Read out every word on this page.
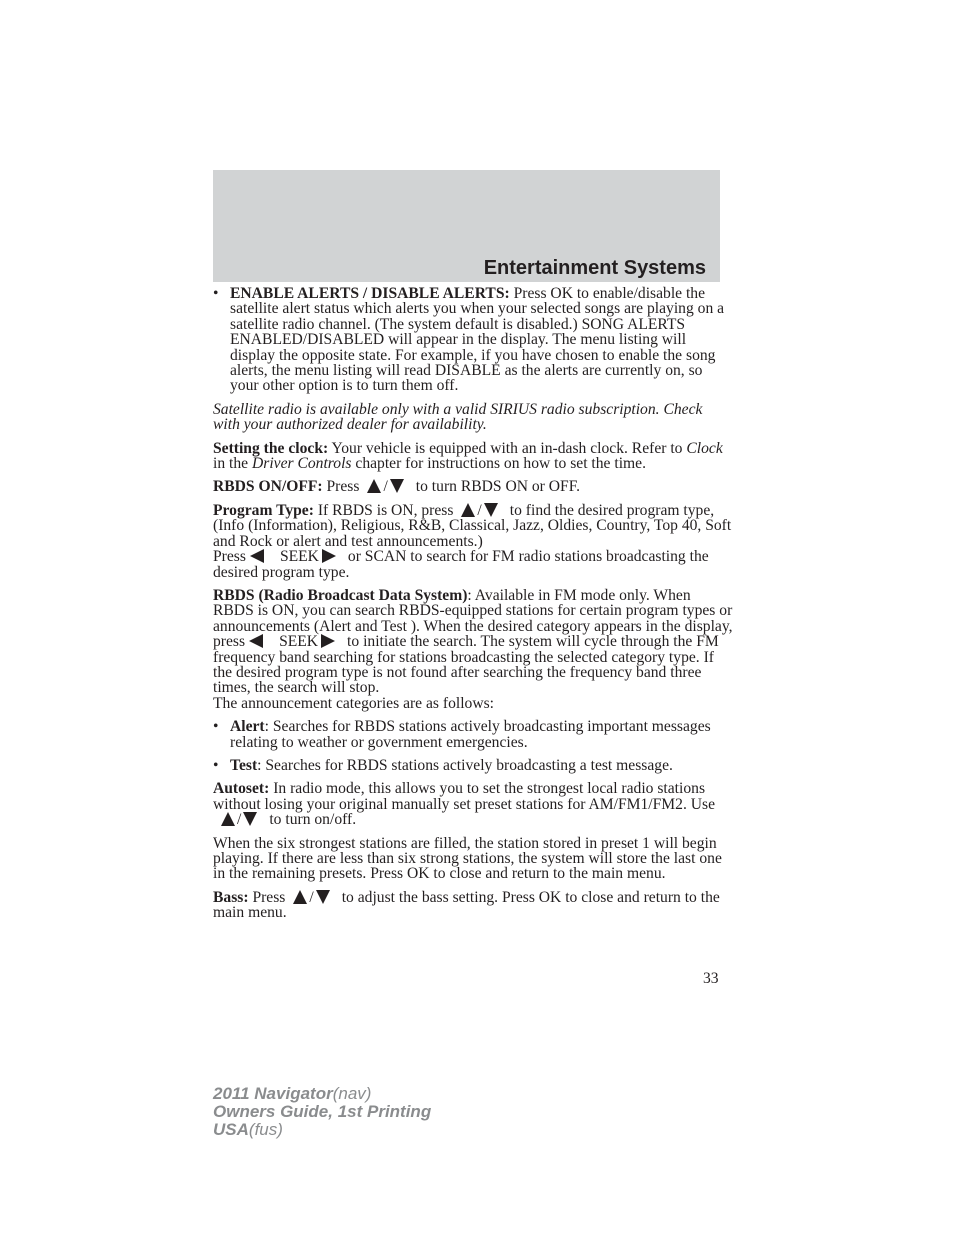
Entertainment Systems
• ENABLE ALERTS / DISABLE ALERTS: Press OK to enable/disable the satellite alert status which alerts you when your selected songs are playing on a satellite radio channel. (The system default is disabled.) SONG ALERTS ENABLED/DISABLED will appear in the display. The menu listing will display the opposite state. For example, if you have chosen to enable the song alerts, the menu listing will read DISABLE as the alerts are currently on, so your other option is to turn them off.
Satellite radio is available only with a valid SIRIUS radio subscription. Check with your authorized dealer for availability.
Setting the clock: Your vehicle is equipped with an in-dash clock. Refer to Clock in the Driver Controls chapter for instructions on how to set the time.
RBDS ON/OFF: Press / to turn RBDS ON or OFF.
Program Type: If RBDS is ON, press / to find the desired program type, (Info (Information), Religious, R&B, Classical, Jazz, Oldies, Country, Top 40, Soft and Rock or alert and test announcements.)
Press SEEK or SCAN to search for FM radio stations broadcasting the desired program type.
RBDS (Radio Broadcast Data System): Available in FM mode only. When RBDS is ON, you can search RBDS-equipped stations for certain program types or announcements (Alert and Test ). When the desired category appears in the display, press SEEK to initiate the search. The system will cycle through the FM frequency band searching for stations broadcasting the selected category type. If the desired program type is not found after searching the frequency band three times, the search will stop.
The announcement categories are as follows:
• Alert: Searches for RBDS stations actively broadcasting important messages relating to weather or government emergencies.
• Test: Searches for RBDS stations actively broadcasting a test message.
Autoset: In radio mode, this allows you to set the strongest local radio stations without losing your original manually set preset stations for AM/FM1/FM2. Use/ to turn on/off.
When the six strongest stations are filled, the station stored in preset 1 will begin playing. If there are less than six strong stations, the system will store the last one in the remaining presets. Press OK to close and return to the main menu.
Bass: Press / to adjust the bass setting. Press OK to close and return to the main menu.
33
2011 Navigator(nav)
Owners Guide, 1st Printing
USA(fus)
